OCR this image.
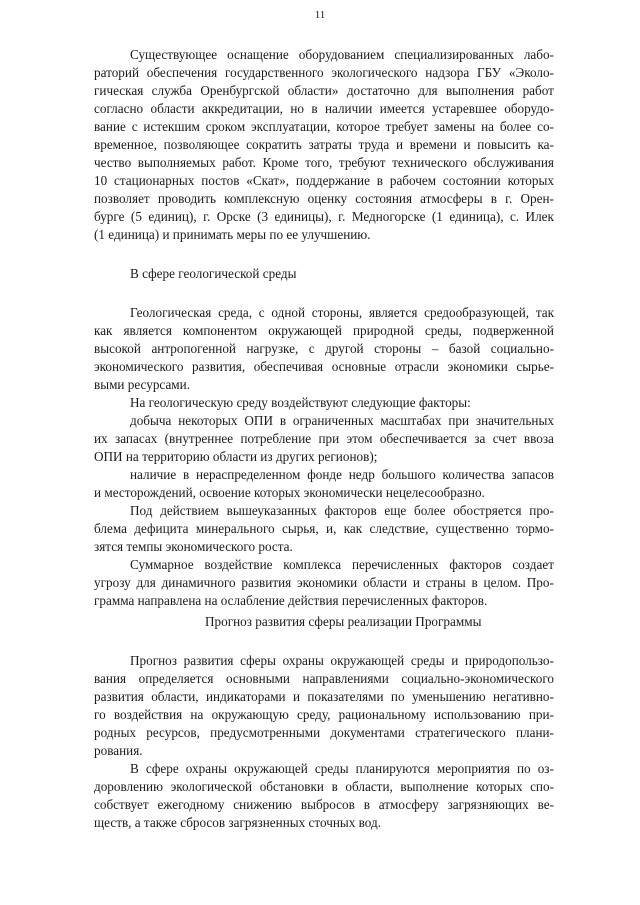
11
Существующее оснащение оборудованием специализированных лабо-
раторий обеспечения государственного экологического надзора ГБУ «Эколо-
гическая служба Оренбургской области» достаточно для выполнения работ
согласно области аккредитации, но в наличии имеется устаревшее оборудо-
вание с истекшим сроком эксплуатации, которое требует замены на более со-
временное, позволяющее сократить затраты труда и времени и повысить ка-
чество выполняемых работ. Кроме того, требуют технического обслуживания
10 стационарных постов «Скат», поддержание в рабочем состоянии которых
позволяет проводить комплексную оценку состояния атмосферы в г. Орен-
бурге (5 единиц), г. Орске (3 единицы), г. Медногорске (1 единица), с. Илек
(1 единица) и принимать меры по ее улучшению.
В сфере геологической среды
Геологическая среда, с одной стороны, является средообразующей, так
как является компонентом окружающей природной среды, подверженной
высокой антропогенной нагрузке, с другой стороны – базой социально-
экономического развития, обеспечивая основные отрасли экономики сырье-
выми ресурсами.
На геологическую среду воздействуют следующие факторы:
добыча некоторых ОПИ в ограниченных масштабах при значительных
их запасах (внутреннее потребление при этом обеспечивается за счет ввоза
ОПИ на территорию области из других регионов);
наличие в нераспределенном фонде недр большого количества запасов
и месторождений, освоение которых экономически нецелесообразно.
Под действием вышеуказанных факторов еще более обостряется про-
блема дефицита минерального сырья, и, как следствие, существенно тормо-
зятся темпы экономического роста.
Суммарное воздействие комплекса перечисленных факторов создает
угрозу для динамичного развития экономики области и страны в целом. Про-
грамма направлена на ослабление действия перечисленных факторов.
Прогноз развития сферы реализации Программы
Прогноз развития сферы охраны окружающей среды и природопользо-
вания определяется основными направлениями социально-экономического
развития области, индикаторами и показателями по уменьшению негативно-
го воздействия на окружающую среду, рациональному использованию при-
родных ресурсов, предусмотренными документами стратегического плани-
рования.
В сфере охраны окружающей среды планируются мероприятия по оз-
доровлению экологической обстановки в области, выполнение которых спо-
собствует ежегодному снижению выбросов в атмосферу загрязняющих ве-
ществ, а также сбросов загрязненных сточных вод.
